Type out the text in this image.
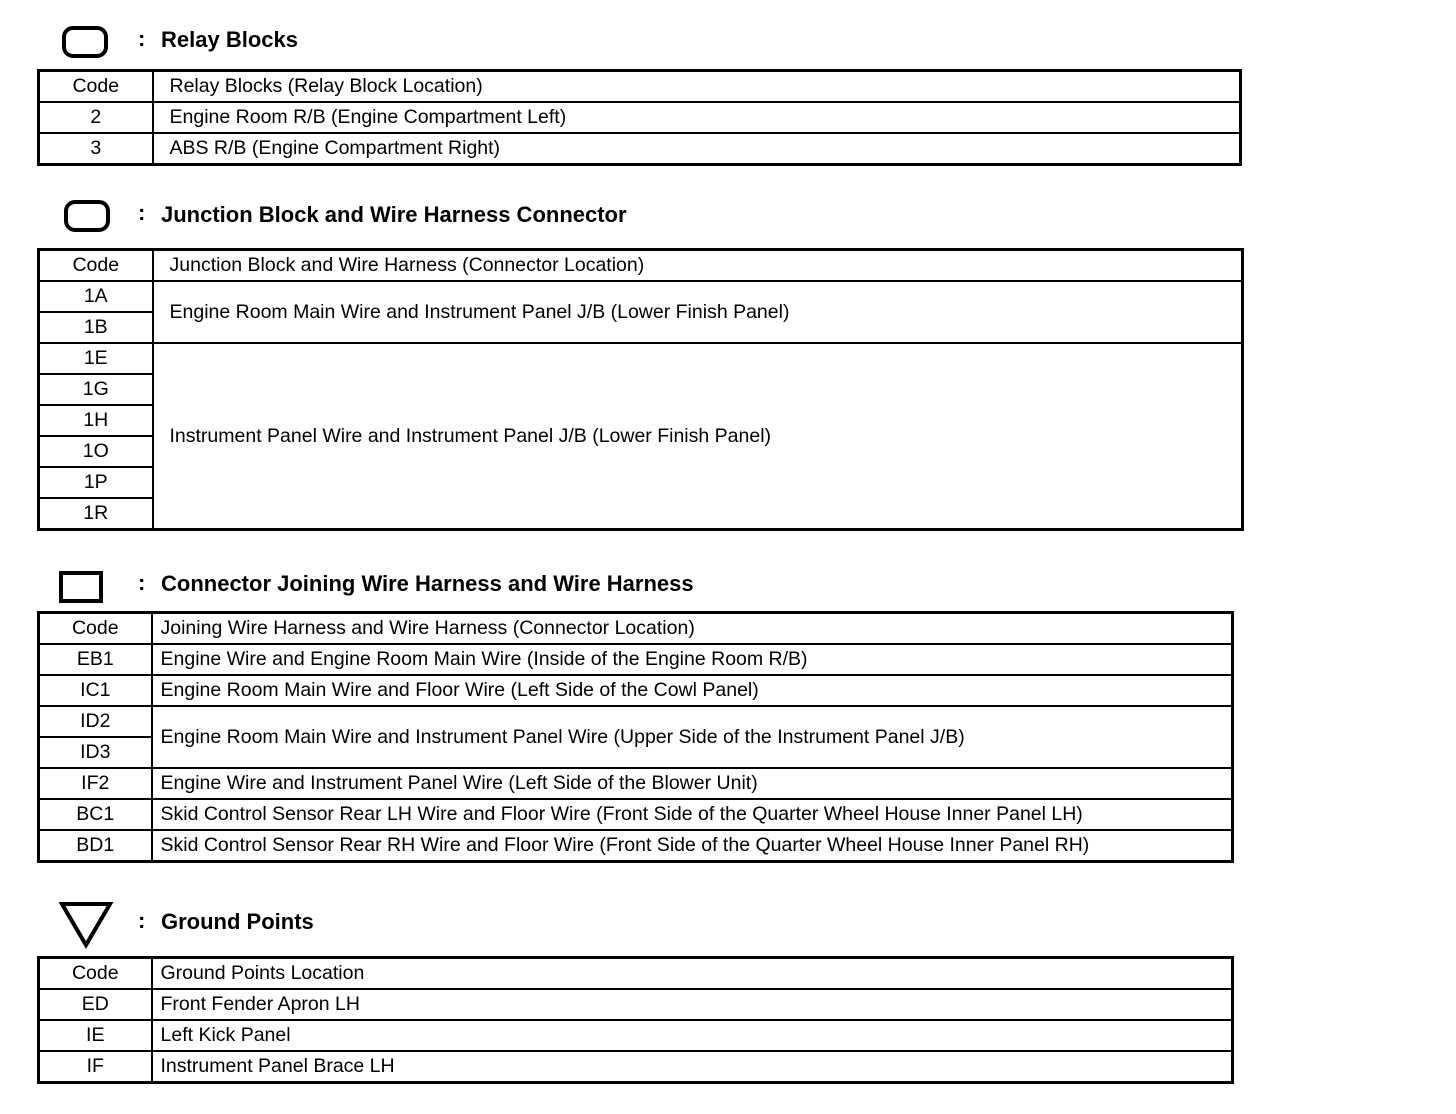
: Relay Blocks
Code	Relay Blocks (Relay Block Location)
2	Engine Room R/B (Engine Compartment Left)
3	ABS R/B (Engine Compartment Right)
: Junction Block and Wire Harness Connector
Code	Junction Block and Wire Harness (Connector Location)
1A	Engine Room Main Wire and Instrument Panel J/B (Lower Finish Panel)
1B	
1E	Instrument Panel Wire and Instrument Panel J/B (Lower Finish Panel)
1G	
1H	
1O	
1P	
1R	
: Connector Joining Wire Harness and Wire Harness
Code	Joining Wire Harness and Wire Harness (Connector Location)
EB1	Engine Wire and Engine Room Main Wire (Inside of the Engine Room R/B)
IC1	Engine Room Main Wire and Floor Wire (Left Side of the Cowl Panel)
ID2	Engine Room Main Wire and Instrument Panel Wire (Upper Side of the Instrument Panel J/B)
ID3	
IF2	Engine Wire and Instrument Panel Wire (Left Side of the Blower Unit)
BC1	Skid Control Sensor Rear LH Wire and Floor Wire (Front Side of the Quarter Wheel House Inner Panel LH)
BD1	Skid Control Sensor Rear RH Wire and Floor Wire (Front Side of the Quarter Wheel House Inner Panel RH)
: Ground Points
Code	Ground Points Location
ED	Front Fender Apron LH
IE	Left Kick Panel
IF	Instrument Panel Brace LH
